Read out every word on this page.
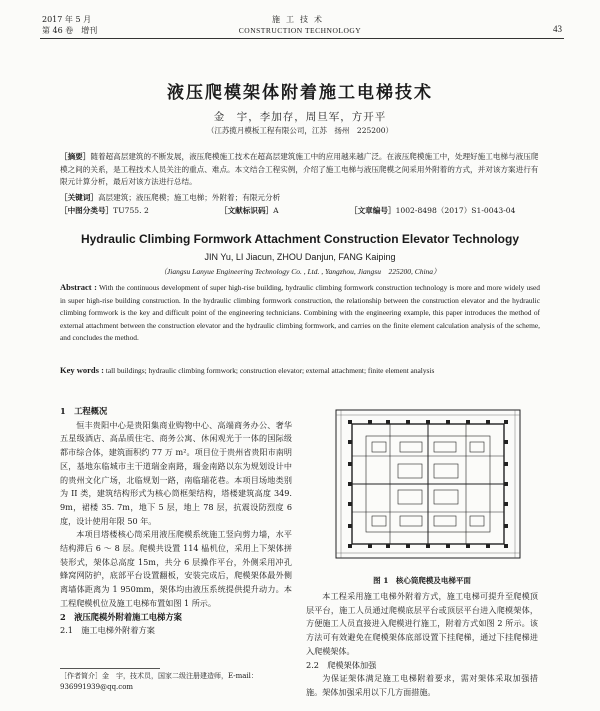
2017 年 5 月
第 46 卷　增刊
施工技术
CONSTRUCTION TECHNOLOGY	43
液压爬模架体附着施工电梯技术
金　宇，李加存，周旦军，方开平
（江苏揽月模板工程有限公司，江苏　扬州　225200）
［摘要］随着超高层建筑的不断发展，液压爬模施工技术在超高层建筑施工中的应用越来越广泛。在液压爬模施工中，处理好施工电梯与液压爬模之间的关系，是工程技术人员关注的重点、难点。本文结合工程实例，介绍了施工电梯与液压爬模之间采用外附着的方式，并对该方案进行有限元计算分析，最后对该方法进行总结。
［关键词］高层建筑；液压爬模；施工电梯；外附着；有限元分析
［中图分类号］TU755. 2	［文献标识码］A	［文章编号］1002-8498（2017）S1-0043-04
Hydraulic Climbing Formwork Attachment Construction Elevator Technology
JIN Yu, LI Jiacun, ZHOU Danjun, FANG Kaiping
（Jiangsu Lanyue Engineering Technology Co. , Ltd. , Yangzhou, Jiangsu　225200, China）
Abstract : With the continuous development of super high-rise building, hydraulic climbing formwork construction technology is more and more widely used in super high-rise building construction. In the hydraulic climbing formwork construction, the relationship between the construction elevator and the hydraulic climbing formwork is the key and difficult point of the engineering technicians. Combining with the engineering example, this paper introduces the method of external attachment between the construction elevator and the hydraulic climbing formwork, and carries on the finite element calculation analysis of the scheme, and concludes the method.
Key words : tall buildings; hydraulic climbing formwork; construction elevator; external attachment; finite element analysis
1　工程概况

恒丰贵阳中心是贵阳集商业购物中心、高端商务办公、奢华五星级酒店、高品质住宅、商务公寓、休闲观光于一体的国际级都市综合体，建筑面积约 77 万 m²。项目位于贵州省贵阳市南明区，基地东临城市主干道瑞金南路，瑞金南路以东为规划设计中的贵州文化广场，北临规划一路，南临瑞花巷。本项目场地类别为 II 类，建筑结构形式为核心筒框架结构，塔楼建筑高度 349. 9m，裙楼 35. 7m，地下 5 层，地上 78 层，抗震设防烈度 6 度，设计使用年限 50 年。

本项目塔楼核心筒采用液压爬模系统施工竖向剪力墙，水平结构滞后 6 ～ 8 层。爬模共设置 114 榀机位，采用上下架体拼装形式，架体总高度 15m，共分 6 层操作平台，外侧采用冲孔蜂窝网防护，底部平台设置翻板，安装完成后，爬模架体最外侧离墙体距离为 1 950mm，架体均由液压系统提供提升动力。本工程爬模机位及施工电梯布置如图 1 所示。

2　液压爬模外附着施工电梯方案
2.1　施工电梯外附着方案
图 1　核心筒爬模及电梯平面

本工程采用施工电梯外附着方式，施工电梯可提升至爬模顶层平台，施工人员通过爬模底层平台或顶层平台进入爬模架体，方便施工人员直接进入爬模进行施工，附着方式如图 2 所示。该方法可有效避免在爬模架体底部设置下挂爬梯，通过下挂爬梯进入爬模架体。

2.2　爬模架体加强

为保证架体满足施工电梯附着要求，需对架体采取加强措施。架体加强采用以下几方面措施。

［作者简介］金　宇，技术员，国家二级注册建造师，E-mail：936991939@qq.com
